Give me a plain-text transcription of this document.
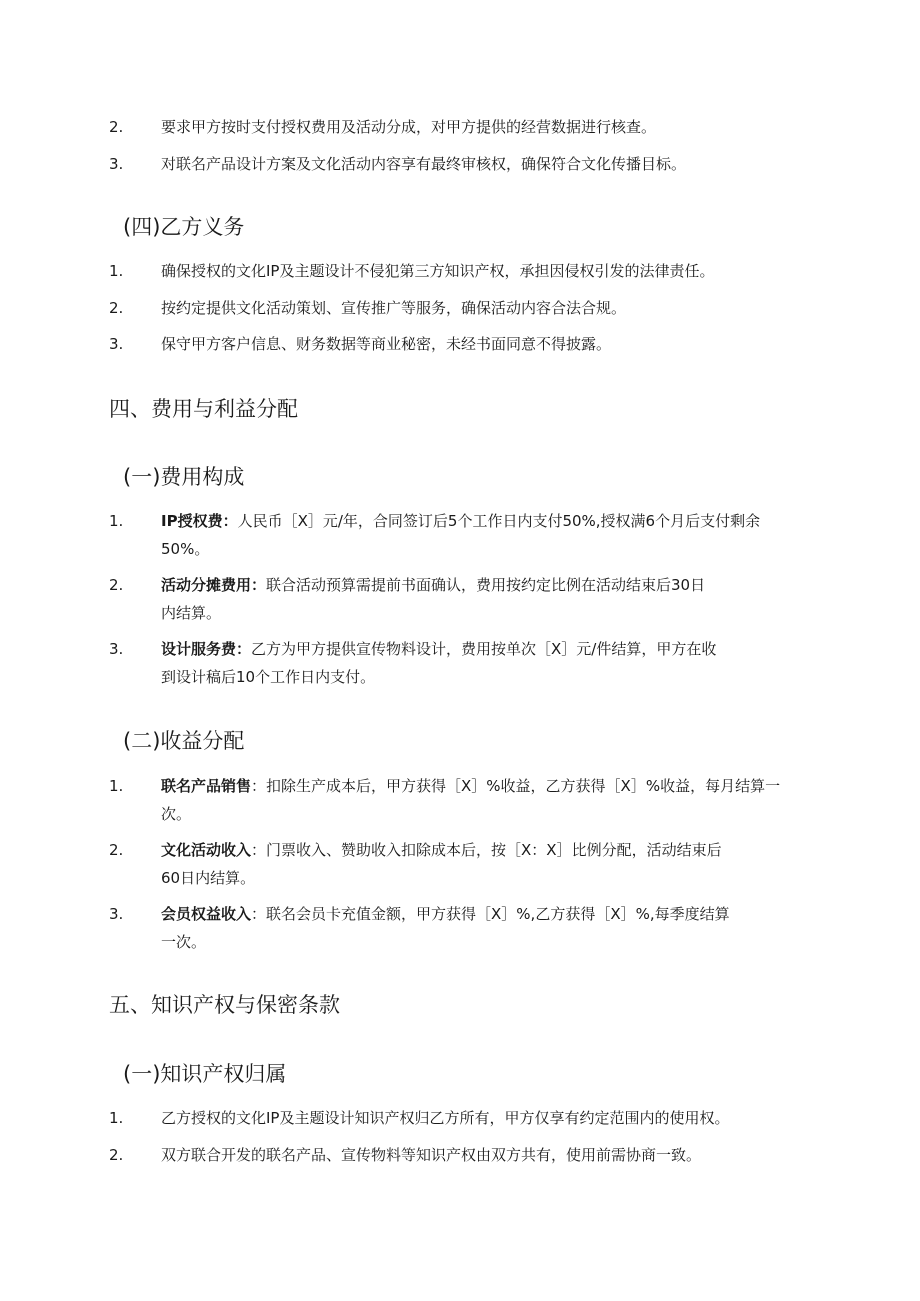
2.	要求甲方按时支付授权费用及活动分成，对甲方提供的经营数据进行核查。
3.	对联名产品设计方案及文化活动内容享有最终审核权，确保符合文化传播目标。
(四)乙方义务
1.	确保授权的文化IP及主题设计不侵犯第三方知识产权，承担因侵权引发的法律责任。
2.	按约定提供文化活动策划、宣传推广等服务，确保活动内容合法合规。
3.	保守甲方客户信息、财务数据等商业秘密，未经书面同意不得披露。
四、费用与利益分配
(一)费用构成
1.	IP授权费：人民币［X］元/年，合同签订后5个工作日内支付50%,授权满6个月后支付剩余
50%。
2.	活动分摊费用：联合活动预算需提前书面确认，费用按约定比例在活动结束后30日
内结算。
3.	设计服务费：乙方为甲方提供宣传物料设计，费用按单次［X］元/件结算，甲方在收
到设计稿后10个工作日内支付。
(二)收益分配
1.	联名产品销售：扣除生产成本后，甲方获得［X］%收益，乙方获得［X］%收益，每月结算一
次。
2.	文化活动收入：门票收入、赞助收入扣除成本后，按［X：X］比例分配，活动结束后
60日内结算。
3.	会员权益收入：联名会员卡充值金额，甲方获得［X］%,乙方获得［X］%,每季度结算
一次。
五、知识产权与保密条款
(一)知识产权归属
1.	乙方授权的文化IP及主题设计知识产权归乙方所有，甲方仅享有约定范围内的使用权。
2.	双方联合开发的联名产品、宣传物料等知识产权由双方共有，使用前需协商一致。
